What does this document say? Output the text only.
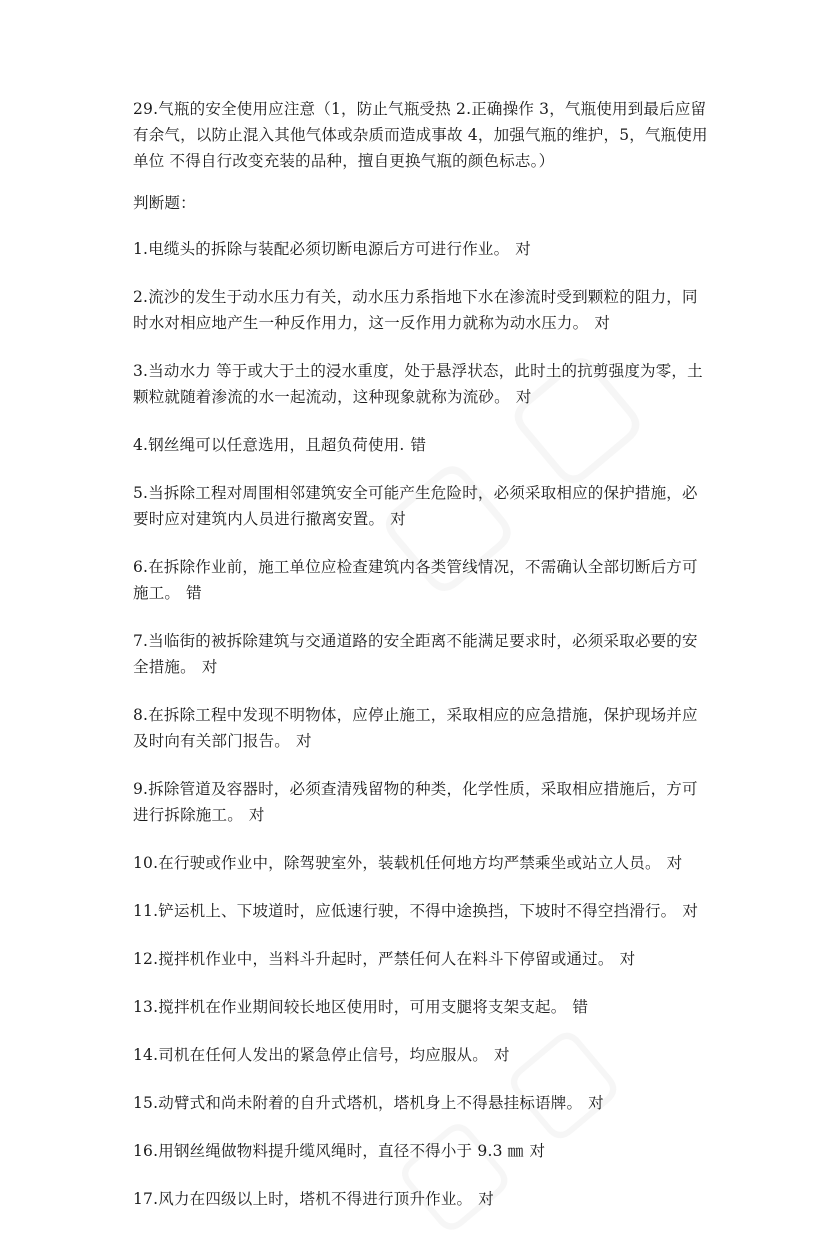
29.气瓶的安全使用应注意（1，防止气瓶受热 2.正确操作 3，气瓶使用到最后应留有余气，以防止混入其他气体或杂质而造成事故 4，加强气瓶的维护，5，气瓶使用单位 不得自行改变充装的品种，擅自更换气瓶的颜色标志。）

判断题：

1.电缆头的拆除与装配必须切断电源后方可进行作业。 对

2.流沙的发生于动水压力有关，动水压力系指地下水在渗流时受到颗粒的阻力，同时水对相应地产生一种反作用力，这一反作用力就称为动水压力。 对

3.当动水力 等于或大于土的浸水重度，处于悬浮状态，此时土的抗剪强度为零，土颗粒就随着渗流的水一起流动，这种现象就称为流砂。 对

4.钢丝绳可以任意选用，且超负荷使用. 错

5.当拆除工程对周围相邻建筑安全可能产生危险时，必须采取相应的保护措施，必要时应对建筑内人员进行撤离安置。 对

6.在拆除作业前，施工单位应检查建筑内各类管线情况，不需确认全部切断后方可施工。 错

7.当临街的被拆除建筑与交通道路的安全距离不能满足要求时，必须采取必要的安全措施。 对

8.在拆除工程中发现不明物体，应停止施工，采取相应的应急措施，保护现场并应及时向有关部门报告。 对

9.拆除管道及容器时，必须查清残留物的种类，化学性质，采取相应措施后，方可进行拆除施工。 对

10.在行驶或作业中，除驾驶室外，装载机任何地方均严禁乘坐或站立人员。 对

11.铲运机上、下坡道时，应低速行驶，不得中途换挡，下坡时不得空挡滑行。 对

12.搅拌机作业中，当料斗升起时，严禁任何人在料斗下停留或通过。 对

13.搅拌机在作业期间较长地区使用时，可用支腿将支架支起。 错

14.司机在任何人发出的紧急停止信号，均应服从。 对

15.动臂式和尚未附着的自升式塔机，塔机身上不得悬挂标语牌。 对

16.用钢丝绳做物料提升缆风绳时，直径不得小于 9.3 ㎜ 对

17.风力在四级以上时，塔机不得进行顶升作业。 对
